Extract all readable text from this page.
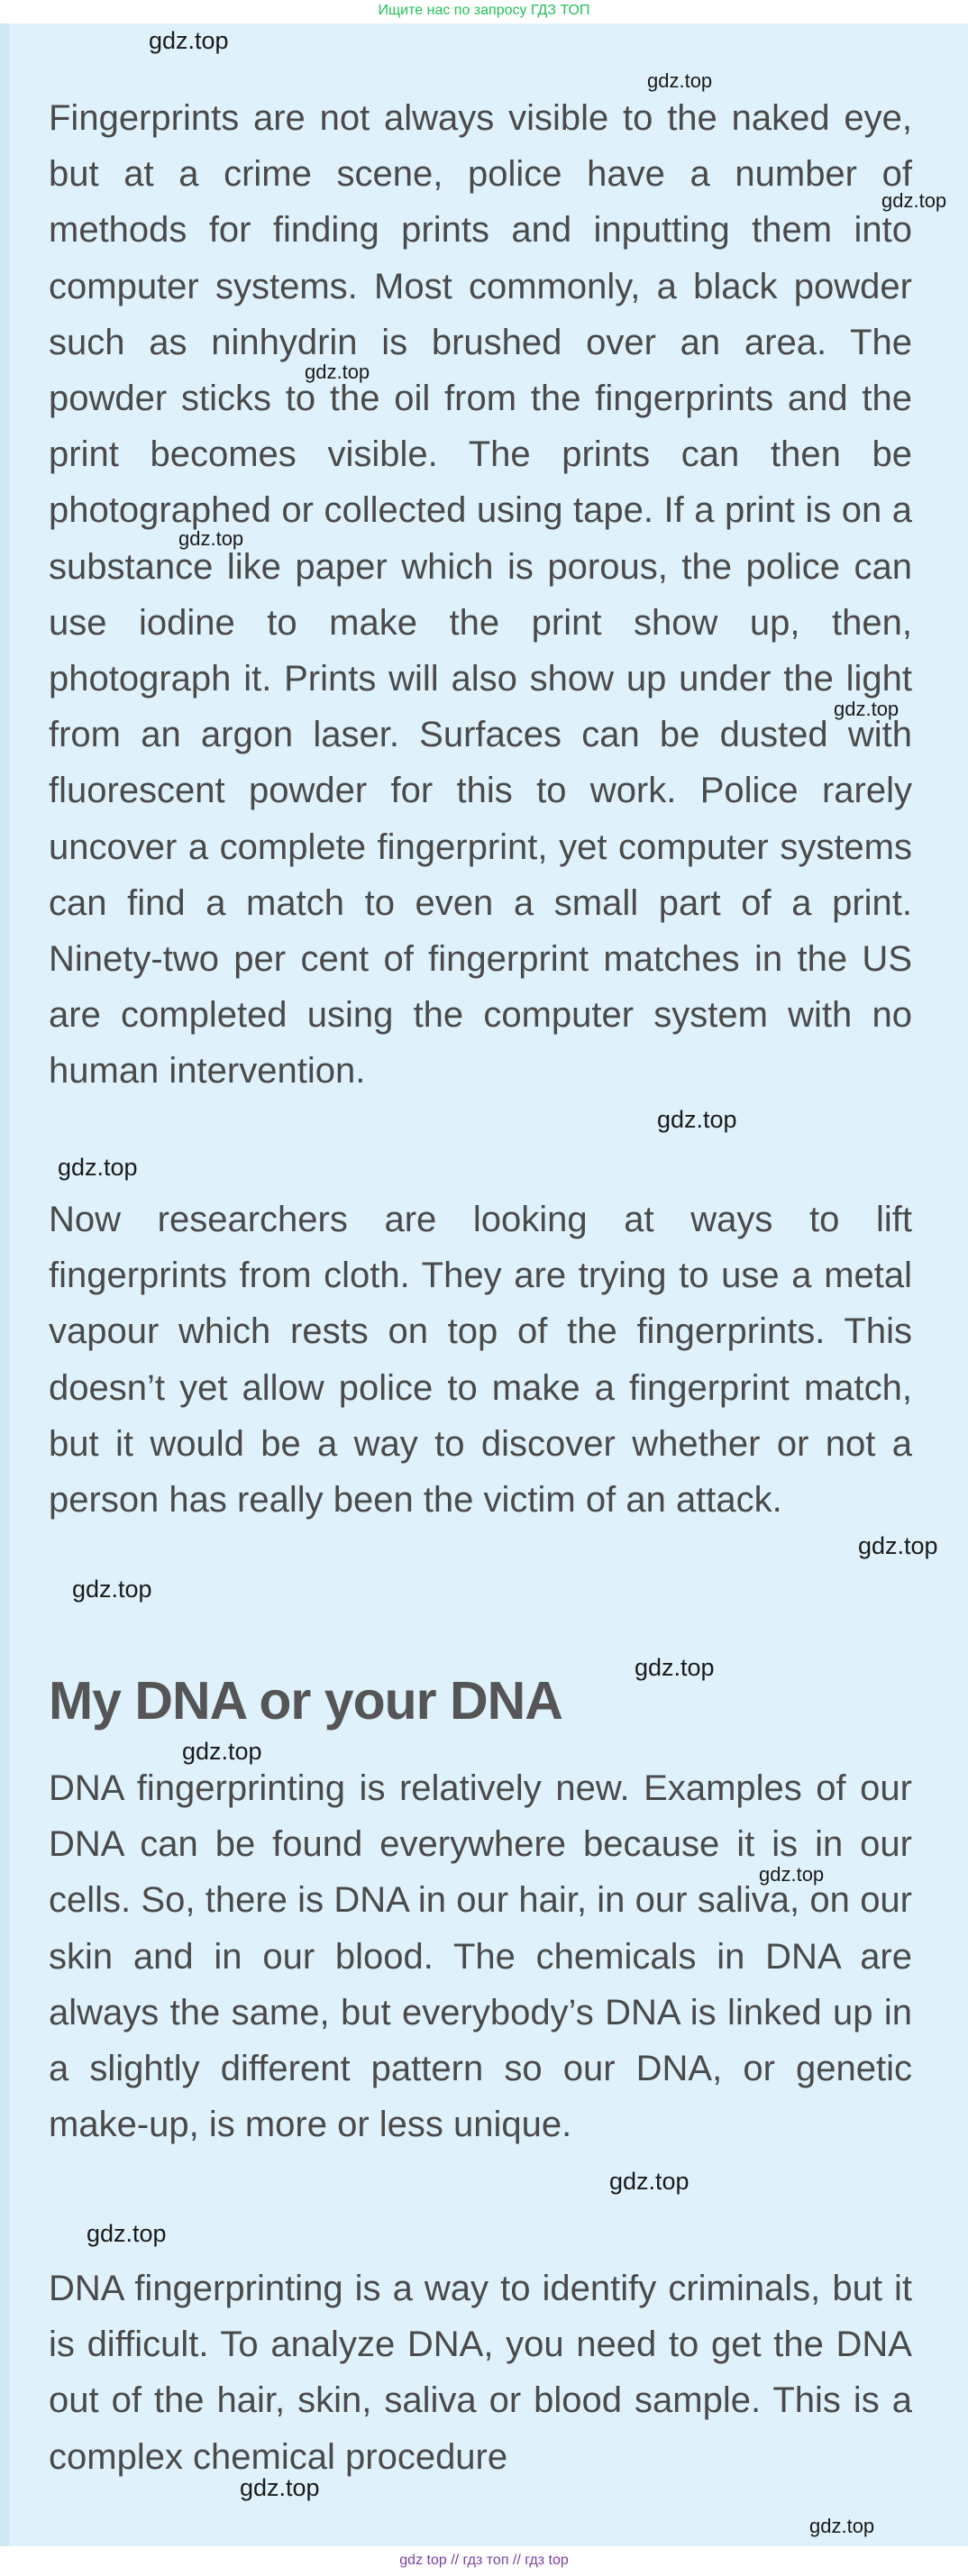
Ищите нас по запросу ГДЗ ТОП

Fingerprints are not always visible to the naked eye, but at a crime scene, police have a number of methods for finding prints and inputting them into computer systems. Most commonly, a black powder such as ninhydrin is brushed over an area. The powder sticks to the oil from the fingerprints and the print becomes visible. The prints can then be photographed or collected using tape. If a print is on a substance like paper which is porous, the police can use iodine to make the print show up, then, photograph it. Prints will also show up under the light from an argon laser. Surfaces can be dusted with fluorescent powder for this to work. Police rarely uncover a complete fingerprint, yet computer systems can find a match to even a small part of a print. Ninety-two per cent of fingerprint matches in the US are completed using the computer system with no human intervention.

Now researchers are looking at ways to lift fingerprints from cloth. They are trying to use a metal vapour which rests on top of the fingerprints. This doesn’t yet allow police to make a fingerprint match, but it would be a way to discover whether or not a person has really been the victim of an attack.

My DNA or your DNA

DNA fingerprinting is relatively new. Examples of our DNA can be found everywhere because it is in our cells. So, there is DNA in our hair, in our saliva, on our skin and in our blood. The chemicals in DNA are always the same, but everybody’s DNA is linked up in a slightly different pattern so our DNA, or genetic make-up, is more or less unique.

DNA fingerprinting is a way to identify criminals, but it is difficult. To analyze DNA, you need to get the DNA out of the hair, skin, saliva or blood sample. This is a complex chemical procedure

gdz.top
gdz.top
gdz.top
gdz.top
gdz.top
gdz.top
gdz.top
gdz.top
gdz.top
gdz.top
gdz.top
gdz.top
gdz.top
gdz.top
gdz.top
gdz.top
gdz.top
gdz top // гдз топ // гдз top
